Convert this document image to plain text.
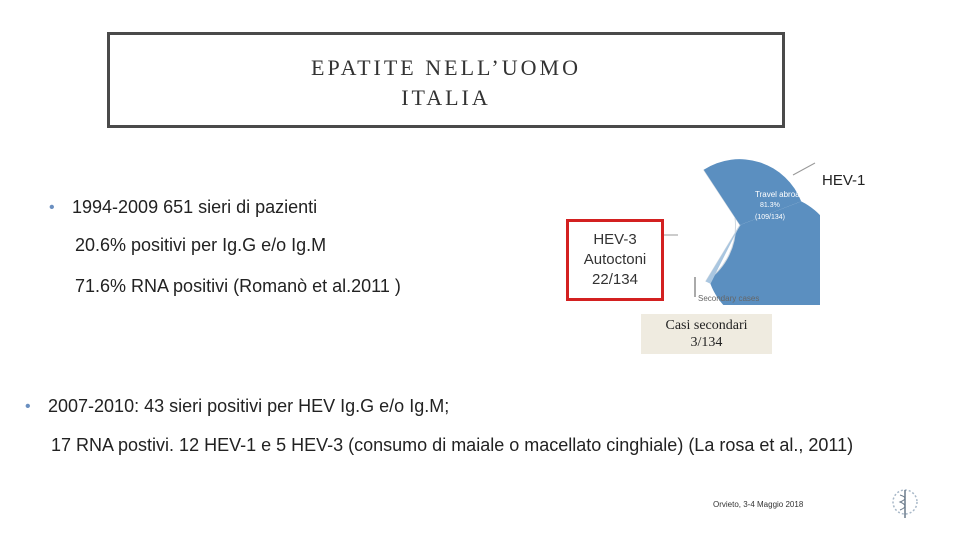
EPATITE NELL’UOMO
ITALIA
• 1994-2009 651 sieri di pazienti
20.6% positivi per Ig.G e/o Ig.M
71.6% RNA positivi (Romanò et al.2011 )
Travel abroad
81.3%
(109/134)
Secondary cases
HEV-1
HEV-3
Autoctoni
22/134
Casi secondari
3/134
• 2007-2010: 43 sieri positivi per HEV Ig.G e/o Ig.M;
17 RNA postivi. 12 HEV-1 e 5 HEV-3 (consumo di maiale o macellato cinghiale) (La rosa et al., 2011)
Orvieto, 3-4 Maggio 2018
